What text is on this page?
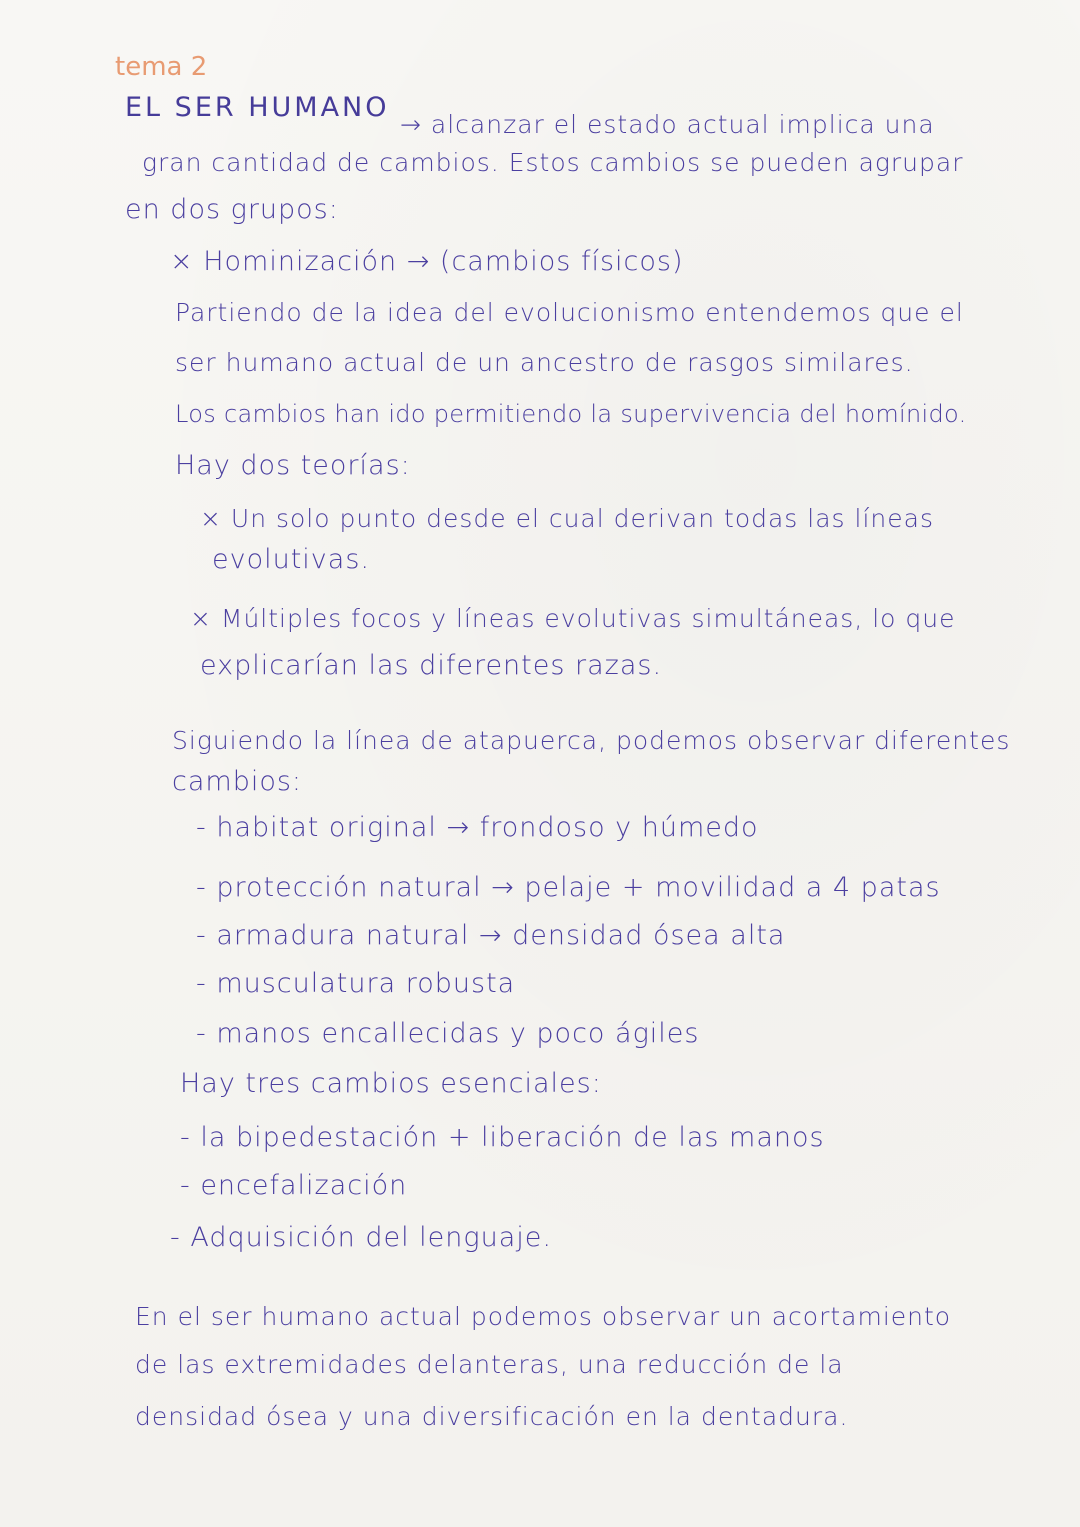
tema 2
EL SER HUMANO
→ alcanzar el estado actual implica una
gran cantidad de cambios. Estos cambios se pueden agrupar
en dos grupos:
× Hominización → (cambios físicos)
Partiendo de la idea del evolucionismo entendemos que el
ser humano actual de un ancestro de rasgos similares.
Los cambios han ido permitiendo la supervivencia del homínido.
Hay dos teorías:
× Un solo punto desde el cual derivan todas las líneas
evolutivas.
× Múltiples focos y líneas evolutivas simultáneas, lo que
explicarían las diferentes razas.
Siguiendo la línea de atapuerca, podemos observar diferentes
cambios:
- habitat original → frondoso y húmedo
- protección natural → pelaje + movilidad a 4 patas
- armadura natural → densidad ósea alta
- musculatura robusta
- manos encallecidas y poco ágiles
Hay tres cambios esenciales:
- la bipedestación + liberación de las manos
- encefalización
- Adquisición del lenguaje.
En el ser humano actual podemos observar un acortamiento
de las extremidades delanteras, una reducción de la
densidad ósea y una diversificación en la dentadura.
